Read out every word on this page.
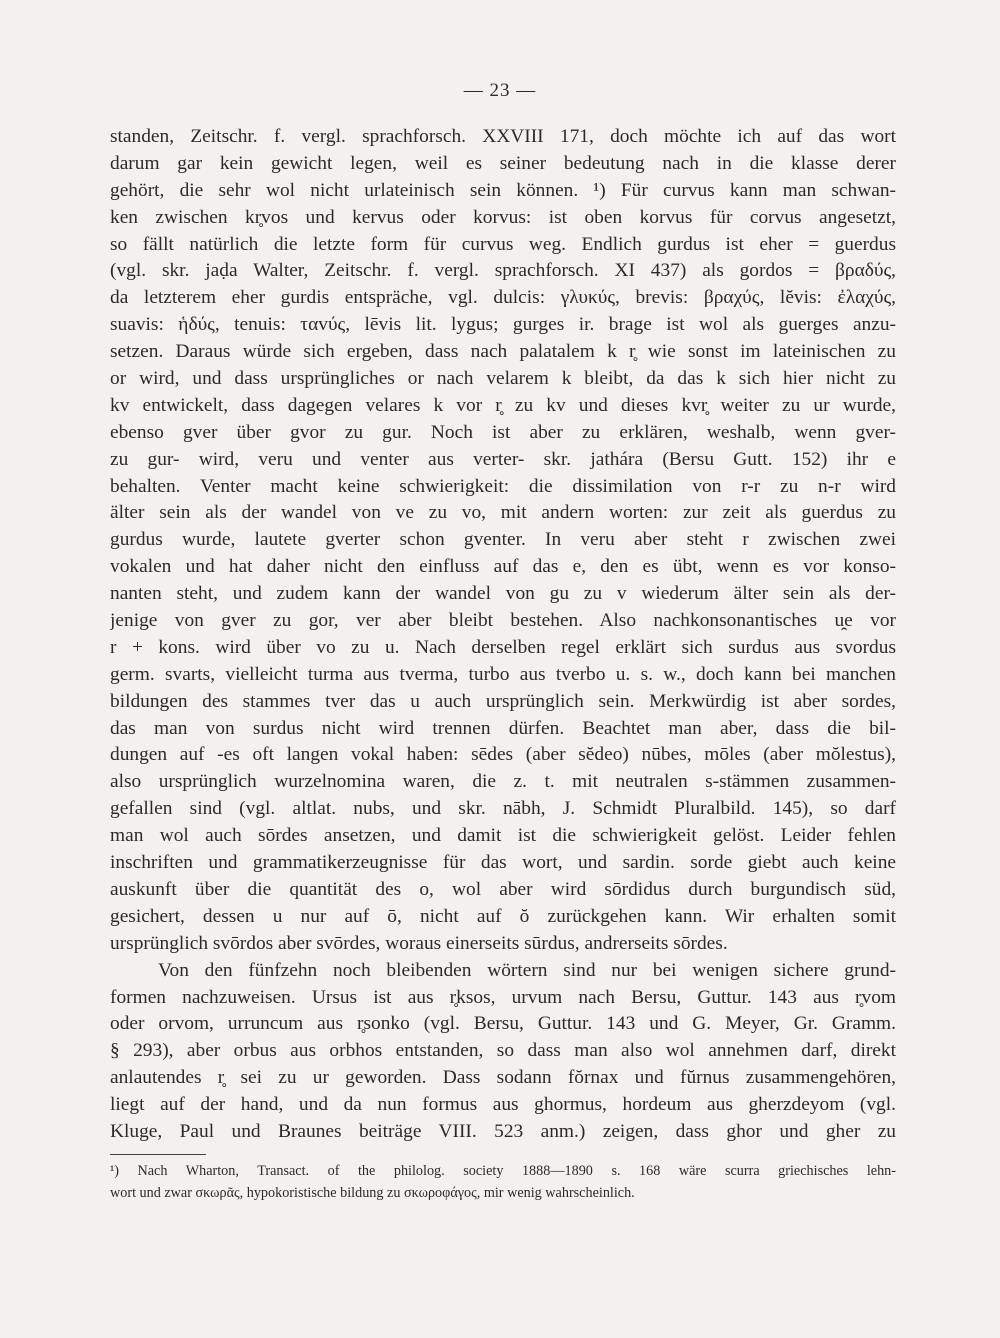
— 23 —
standen, Zeitschr. f. vergl. sprachforsch. XXVIII 171, doch möchte ich auf das wort
darum gar kein gewicht legen, weil es seiner bedeutung nach in die klasse derer
gehört, die sehr wol nicht urlateinisch sein können. ¹) Für curvus kann man schwan-
ken zwischen kr̥vos und kervus oder korvus: ist oben korvus für corvus angesetzt,
so fällt natürlich die letzte form für curvus weg. Endlich gurdus ist eher = guerdus
(vgl. skr. jaḍa Walter, Zeitschr. f. vergl. sprachforsch. XI 437) als gordos = βραδύς,
da letzterem eher gurdis entspräche, vgl. dulcis: γλυκύς, brevis: βραχύς, lĕvis: ἐλαχύς,
suavis: ἡδύς, tenuis: ταvύς, lēvis lit. lygus; gurges ir. brage ist wol als guerges anzu-
setzen. Daraus würde sich ergeben, dass nach palatalem k r̥ wie sonst im lateinischen zu
or wird, und dass ursprüngliches or nach velarem k bleibt, da das k sich hier nicht zu
kv entwickelt, dass dagegen velares k vor r̥ zu kv und dieses kvr̥ weiter zu ur wurde,
ebenso gver über gvor zu gur. Noch ist aber zu erklären, weshalb, wenn gver-
zu gur- wird, veru und venter aus verter- skr. jathára (Bersu Gutt. 152) ihr e
behalten. Venter macht keine schwierigkeit: die dissimilation von r-r zu n-r wird
älter sein als der wandel von ve zu vo, mit andern worten: zur zeit als guerdus zu
gurdus wurde, lautete gverter schon gventer. In veru aber steht r zwischen zwei
vokalen und hat daher nicht den einfluss auf das e, den es übt, wenn es vor konso-
nanten steht, und zudem kann der wandel von gu zu v wiederum älter sein als der-
jenige von gver zu gor, ver aber bleibt bestehen. Also nachkonsonantisches u̯e vor
r + kons. wird über vo zu u. Nach derselben regel erklärt sich surdus aus svordus
germ. svarts, vielleicht turma aus tverma, turbo aus tverbo u. s. w., doch kann bei manchen
bildungen des stammes tver das u auch ursprünglich sein. Merkwürdig ist aber sordes,
das man von surdus nicht wird trennen dürfen. Beachtet man aber, dass die bil-
dungen auf -es oft langen vokal haben: sēdes (aber sĕdeo) nūbes, mōles (aber mŏlestus),
also ursprünglich wurzelnomina waren, die z. t. mit neutralen s-stämmen zusammen-
gefallen sind (vgl. altlat. nubs, und skr. nābh, J. Schmidt Pluralbild. 145), so darf
man wol auch sōrdes ansetzen, und damit ist die schwierigkeit gelöst. Leider fehlen
inschriften und grammatikerzeugnisse für das wort, und sardin. sorde giebt auch keine
auskunft über die quantität des o, wol aber wird sōrdidus durch burgundisch süd,
gesichert, dessen u nur auf ō, nicht auf ŏ zurückgehen kann. Wir erhalten somit
ursprünglich svōrdos aber svōrdes, woraus einerseits sūrdus, andrerseits sōrdes.
Von den fünfzehn noch bleibenden wörtern sind nur bei wenigen sichere grund-
formen nachzuweisen. Ursus ist aus r̥ksos, urvum nach Bersu, Guttur. 143 aus r̥vom
oder orvom, urruncum aus r̥sonko (vgl. Bersu, Guttur. 143 und G. Meyer, Gr. Gramm.
§ 293), aber orbus aus orbhos entstanden, so dass man also wol annehmen darf, direkt
anlautendes r̥ sei zu ur geworden. Dass sodann fŏrnax und fŭrnus zusammengehören,
liegt auf der hand, und da nun formus aus ghormus, hordeum aus gherzdeyom (vgl.
Kluge, Paul und Braunes beiträge VIII. 523 anm.) zeigen, dass ghor und gher zu
¹) Nach Wharton, Transact. of the philolog. society 1888—1890 s. 168 wäre scurra griechisches lehn-
wort und zwar σκωρᾶς, hypokoristische bildung zu σκωροφάγος, mir wenig wahrscheinlich.
